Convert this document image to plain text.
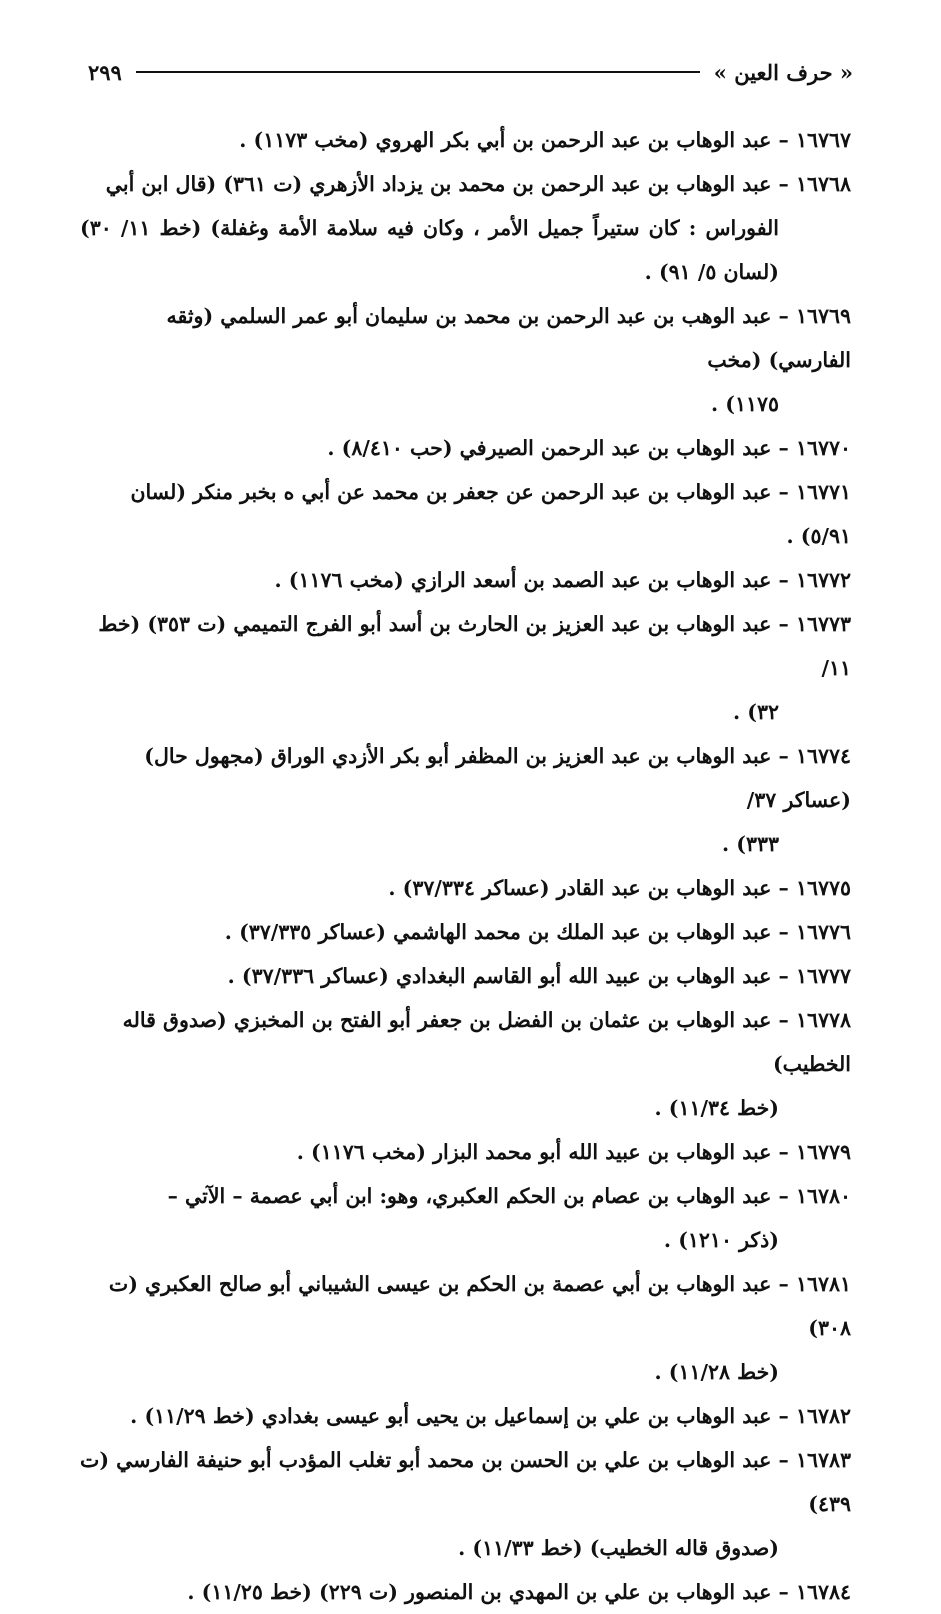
« حرف العين »
٢٩٩

١٦٧٦٧ – عبد الوهاب بن عبد الرحمن بن أبي بكر الهروي (مخب ١١٧٣) .

١٦٧٦٨ – عبد الوهاب بن عبد الرحمن بن محمد بن يزداد الأزهري (ت ٣٦١) (قال ابن أبي
الفوراس : كان ستيراً جميل الأمر ، وكان فيه سلامة الأمة وغفلة) (خط ١١/ ٣٠) (لسان ٥/ ٩١) .

١٦٧٦٩ – عبد الوهب بن عبد الرحمن بن محمد بن سليمان أبو عمر السلمي (وثقه الفارسي) (مخب
١١٧٥) .

١٦٧٧٠ – عبد الوهاب بن عبد الرحمن الصيرفي (حب ٨/٤١٠) .

١٦٧٧١ – عبد الوهاب بن عبد الرحمن عن جعفر بن محمد عن أبي ه بخبر منكر (لسان ٥/٩١) .

١٦٧٧٢ – عبد الوهاب بن عبد الصمد بن أسعد الرازي (مخب ١١٧٦) .

١٦٧٧٣ – عبد الوهاب بن عبد العزيز بن الحارث بن أسد أبو الفرج التميمي (ت ٣٥٣) (خط ١١/
٣٢) .

١٦٧٧٤ – عبد الوهاب بن عبد العزيز بن المظفر أبو بكر الأزدي الوراق (مجهول حال) (عساكر ٣٧/
٣٣٣) .

١٦٧٧٥ – عبد الوهاب بن عبد القادر (عساكر ٣٧/٣٣٤) .

١٦٧٧٦ – عبد الوهاب بن عبد الملك بن محمد الهاشمي (عساكر ٣٧/٣٣٥) .

١٦٧٧٧ – عبد الوهاب بن عبيد الله أبو القاسم البغدادي (عساكر ٣٧/٣٣٦) .

١٦٧٧٨ – عبد الوهاب بن عثمان بن الفضل بن جعفر أبو الفتح بن المخبزي (صدوق قاله الخطيب)
(خط ١١/٣٤) .

١٦٧٧٩ – عبد الوهاب بن عبيد الله أبو محمد البزار (مخب ١١٧٦) .

١٦٧٨٠ – عبد الوهاب بن عصام بن الحكم العكبري، وهو: ابن أبي عصمة – الآتي –
(ذكر ١٢١٠) .

١٦٧٨١ – عبد الوهاب بن أبي عصمة بن الحكم بن عيسى الشيباني أبو صالح العكبري (ت ٣٠٨)
(خط ١١/٢٨) .

١٦٧٨٢ – عبد الوهاب بن علي بن إسماعيل بن يحيى أبو عيسى بغدادي (خط ١١/٢٩) .

١٦٧٨٣ – عبد الوهاب بن علي بن الحسن بن محمد أبو تغلب المؤدب أبو حنيفة الفارسي (ت ٤٣٩)
(صدوق قاله الخطيب) (خط ١١/٣٣) .

١٦٧٨٤ – عبد الوهاب بن علي بن المهدي بن المنصور (ت ٢٢٩) (خط ١١/٢٥) .
